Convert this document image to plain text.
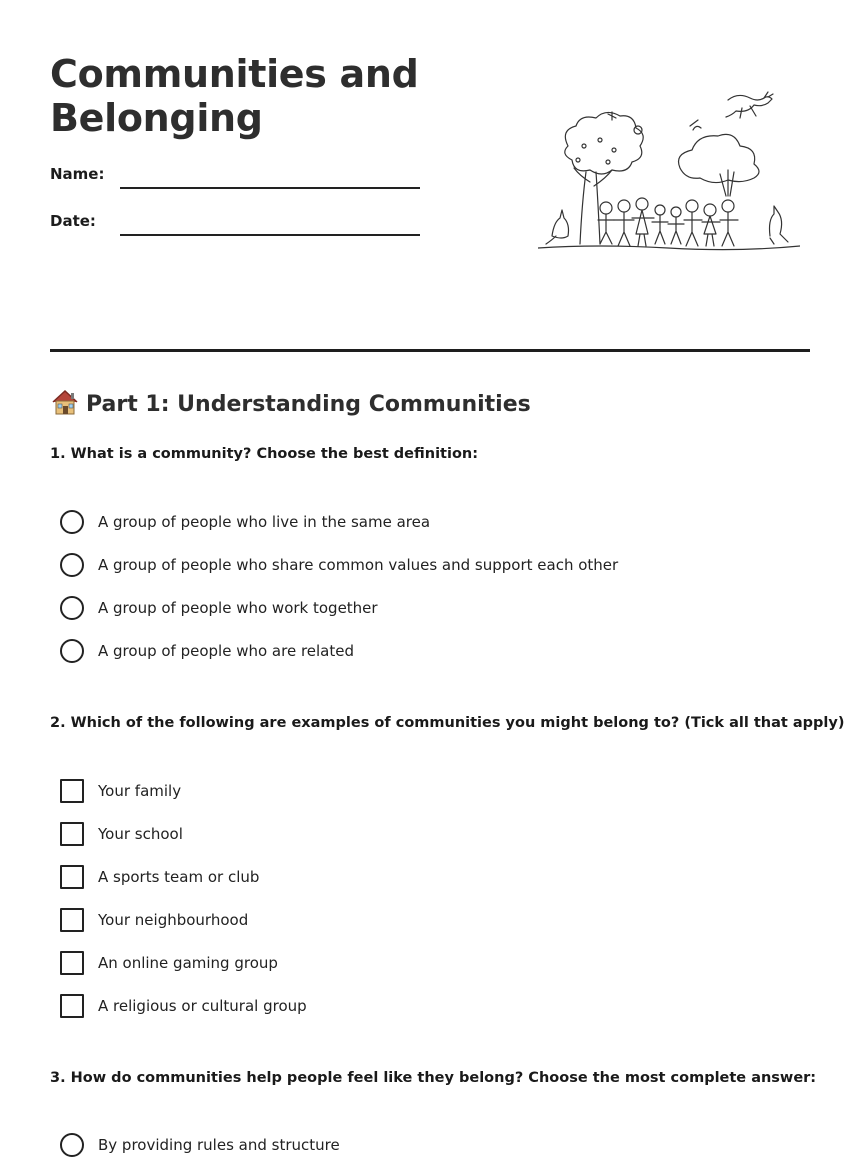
Communities and
Belonging
Name:
Date:
Part 1: Understanding Communities

1. What is a community? Choose the best definition:

A group of people who live in the same area
A group of people who share common values and support each other
A group of people who work together
A group of people who are related

2. Which of the following are examples of communities you might belong to? (Tick all that apply)

Your family
Your school
A sports team or club
Your neighbourhood
An online gaming group
A religious or cultural group

3. How do communities help people feel like they belong? Choose the most complete answer:

By providing rules and structure
